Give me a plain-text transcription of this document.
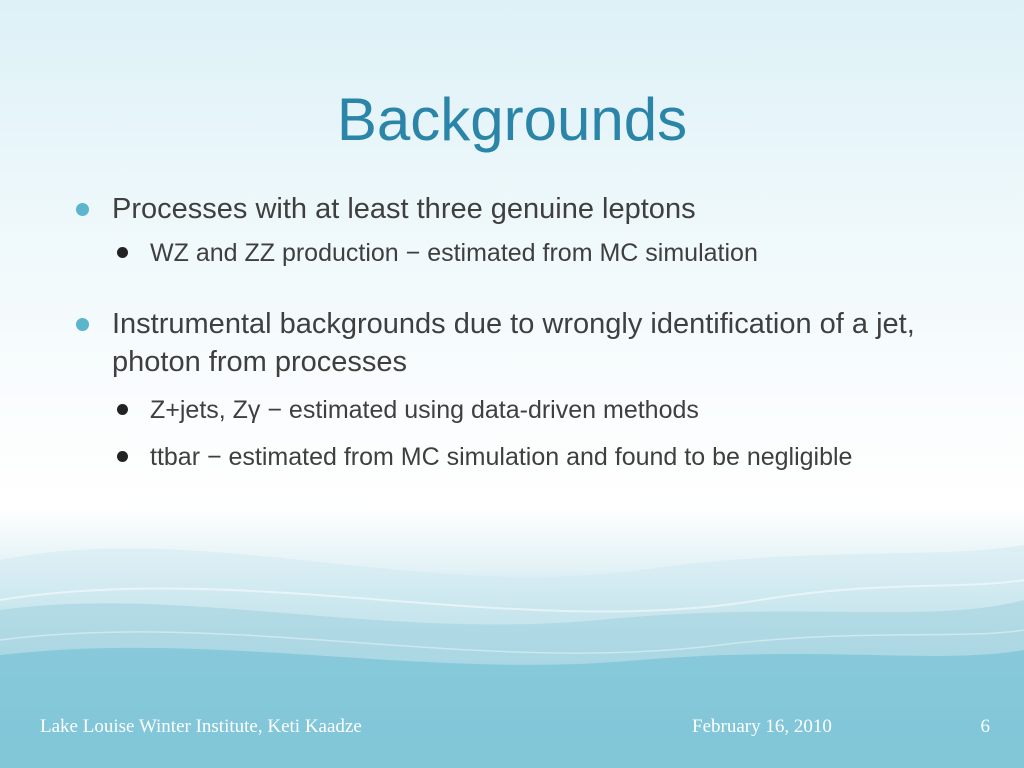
Backgrounds
Processes with at least three genuine leptons
WZ and ZZ production − estimated from MC simulation
Instrumental backgrounds due to wrongly identification of a jet, photon from processes
Z+jets, Zγ − estimated using data-driven methods
ttbar − estimated from MC simulation and found to be negligible
Lake Louise Winter Institute, Keti Kaadze	February 16, 2010	6
